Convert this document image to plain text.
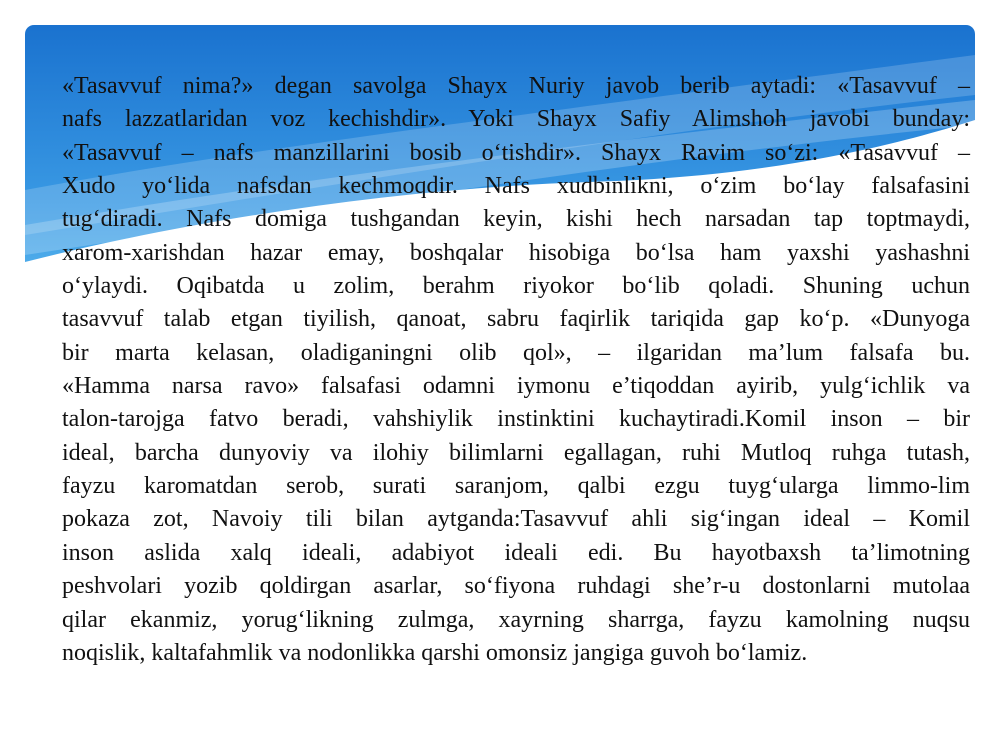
«Tasavvuf nima?» degan savolga Shayx Nuriy javob berib aytadi: «Tasavvuf –
nafs lazzatlaridan voz kechishdir». Yoki Shayx Safiy Alimshoh javobi bunday:
«Tasavvuf – nafs manzillarini bosib o‘tishdir». Shayx Ravim so‘zi: «Tasavvuf –
Xudo yo‘lida nafsdan kechmoqdir. Nafs xudbinlikni, o‘zim bo‘lay falsafasini
tug‘diradi. Nafs domiga tushgandan keyin, kishi hech narsadan tap toptmaydi,
xarom-xarishdan hazar emay, boshqalar hisobiga bo‘lsa ham yaxshi yashashni
o‘ylaydi. Oqibatda u zolim, berahm riyokor bo‘lib qoladi. Shuning uchun
tasavvuf talab etgan tiyilish, qanoat, sabru faqirlik tariqida gap ko‘p. «Dunyoga
bir marta kelasan, oladiganingni olib qol», – ilgaridan ma’lum falsafa bu.
«Hamma narsa ravo» falsafasi odamni iymonu e’tiqoddan ayirib, yulg‘ichlik va
talon-tarojga fatvo beradi, vahshiylik instinktini kuchaytiradi.Komil inson – bir
ideal, barcha dunyoviy va ilohiy bilimlarni egallagan, ruhi Mutloq ruhga tutash,
fayzu karomatdan serob, surati saranjom, qalbi ezgu tuyg‘ularga limmo-lim
pokaza zot, Navoiy tili bilan aytganda:Tasavvuf ahli sig‘ingan ideal – Komil
inson aslida xalq ideali, adabiyot ideali edi. Bu hayotbaxsh ta’limotning
peshvolari yozib qoldirgan asarlar, so‘fiyona ruhdagi she’r-u dostonlarni mutolaa
qilar ekanmiz, yorug‘likning zulmga, xayrning sharrga, fayzu kamolning nuqsu
noqislik, kaltafahmlik va nodonlikka qarshi omonsiz jangiga guvoh bo‘lamiz.
